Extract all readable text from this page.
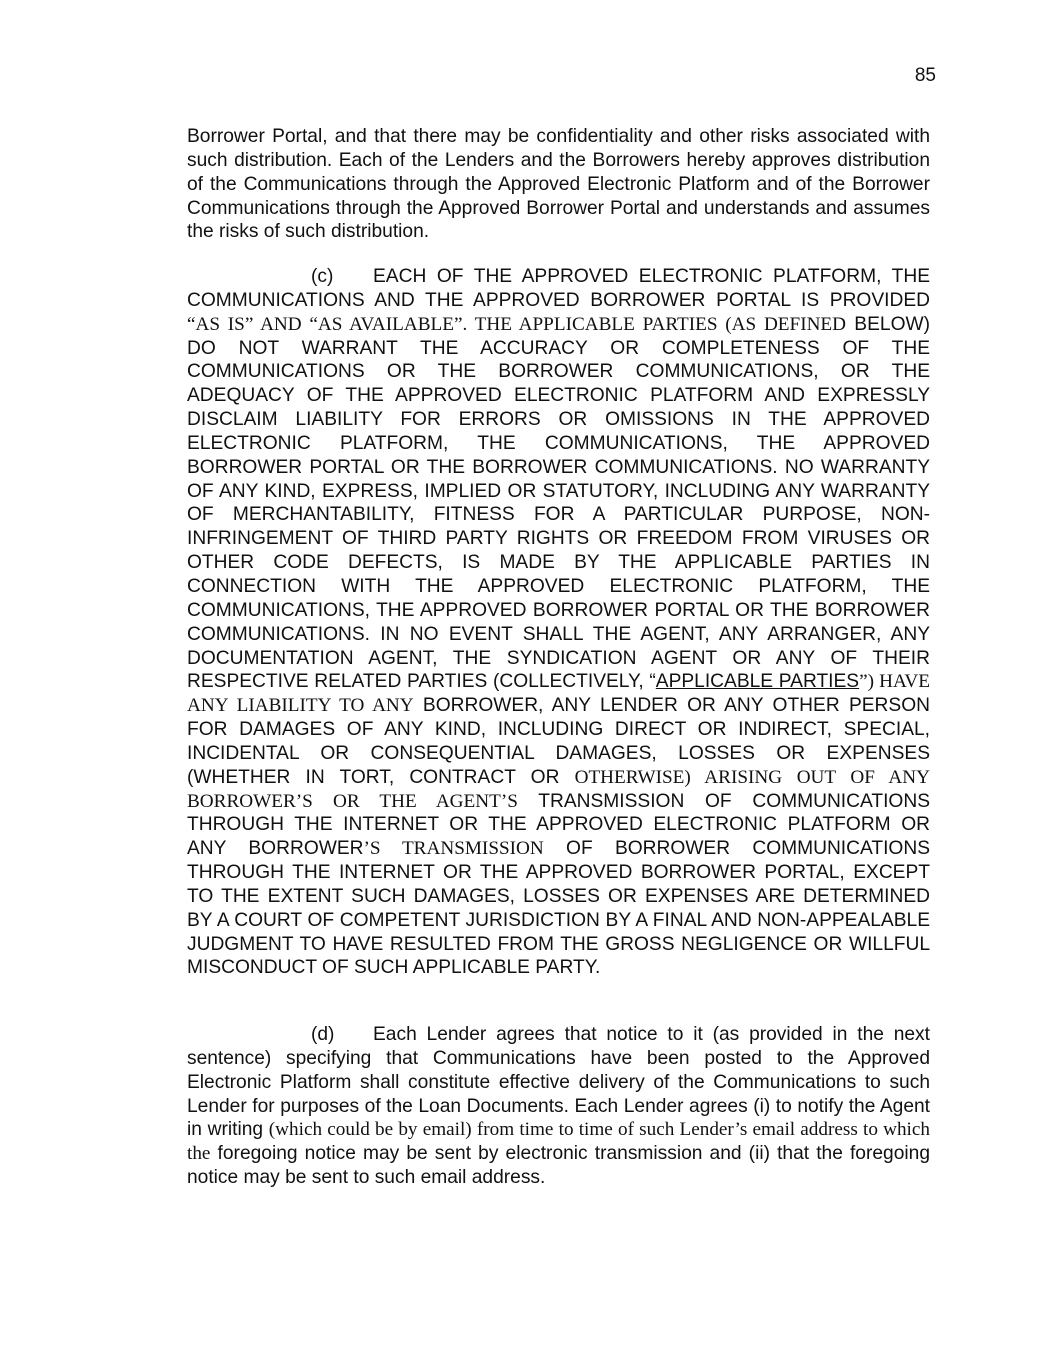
85

Borrower Portal, and that there may be confidentiality and other risks associated with such distribution. Each of the Lenders and the Borrowers hereby approves distribution of the Communications through the Approved Electronic Platform and of the Borrower Communications through the Approved Borrower Portal and understands and assumes the risks of such distribution.

(c) EACH OF THE APPROVED ELECTRONIC PLATFORM, THE COMMUNICATIONS AND THE APPROVED BORROWER PORTAL IS PROVIDED “AS IS” AND “AS AVAILABLE”. THE APPLICABLE PARTIES (AS DEFINED BELOW) DO NOT WARRANT THE ACCURACY OR COMPLETENESS OF THE COMMUNICATIONS OR THE BORROWER COMMUNICATIONS, OR THE ADEQUACY OF THE APPROVED ELECTRONIC PLATFORM AND EXPRESSLY DISCLAIM LIABILITY FOR ERRORS OR OMISSIONS IN THE APPROVED ELECTRONIC PLATFORM, THE COMMUNICATIONS, THE APPROVED BORROWER PORTAL OR THE BORROWER COMMUNICATIONS. NO WARRANTY OF ANY KIND, EXPRESS, IMPLIED OR STATUTORY, INCLUDING ANY WARRANTY OF MERCHANTABILITY, FITNESS FOR A PARTICULAR PURPOSE, NON-INFRINGEMENT OF THIRD PARTY RIGHTS OR FREEDOM FROM VIRUSES OR OTHER CODE DEFECTS, IS MADE BY THE APPLICABLE PARTIES IN CONNECTION WITH THE APPROVED ELECTRONIC PLATFORM, THE COMMUNICATIONS, THE APPROVED BORROWER PORTAL OR THE BORROWER COMMUNICATIONS. IN NO EVENT SHALL THE AGENT, ANY ARRANGER, ANY DOCUMENTATION AGENT, THE SYNDICATION AGENT OR ANY OF THEIR RESPECTIVE RELATED PARTIES (COLLECTIVELY, “APPLICABLE PARTIES”) HAVE ANY LIABILITY TO ANY BORROWER, ANY LENDER OR ANY OTHER PERSON FOR DAMAGES OF ANY KIND, INCLUDING DIRECT OR INDIRECT, SPECIAL, INCIDENTAL OR CONSEQUENTIAL DAMAGES, LOSSES OR EXPENSES (WHETHER IN TORT, CONTRACT OR OTHERWISE) ARISING OUT OF ANY BORROWER’S OR THE AGENT’S TRANSMISSION OF COMMUNICATIONS THROUGH THE INTERNET OR THE APPROVED ELECTRONIC PLATFORM OR ANY BORROWER’S TRANSMISSION OF BORROWER COMMUNICATIONS THROUGH THE INTERNET OR THE APPROVED BORROWER PORTAL, EXCEPT TO THE EXTENT SUCH DAMAGES, LOSSES OR EXPENSES ARE DETERMINED BY A COURT OF COMPETENT JURISDICTION BY A FINAL AND NON-APPEALABLE JUDGMENT TO HAVE RESULTED FROM THE GROSS NEGLIGENCE OR WILLFUL MISCONDUCT OF SUCH APPLICABLE PARTY.

(d) Each Lender agrees that notice to it (as provided in the next sentence) specifying that Communications have been posted to the Approved Electronic Platform shall constitute effective delivery of the Communications to such Lender for purposes of the Loan Documents. Each Lender agrees (i) to notify the Agent in writing (which could be by email) from time to time of such Lender’s email address to which the foregoing notice may be sent by electronic transmission and (ii) that the foregoing notice may be sent to such email address.
